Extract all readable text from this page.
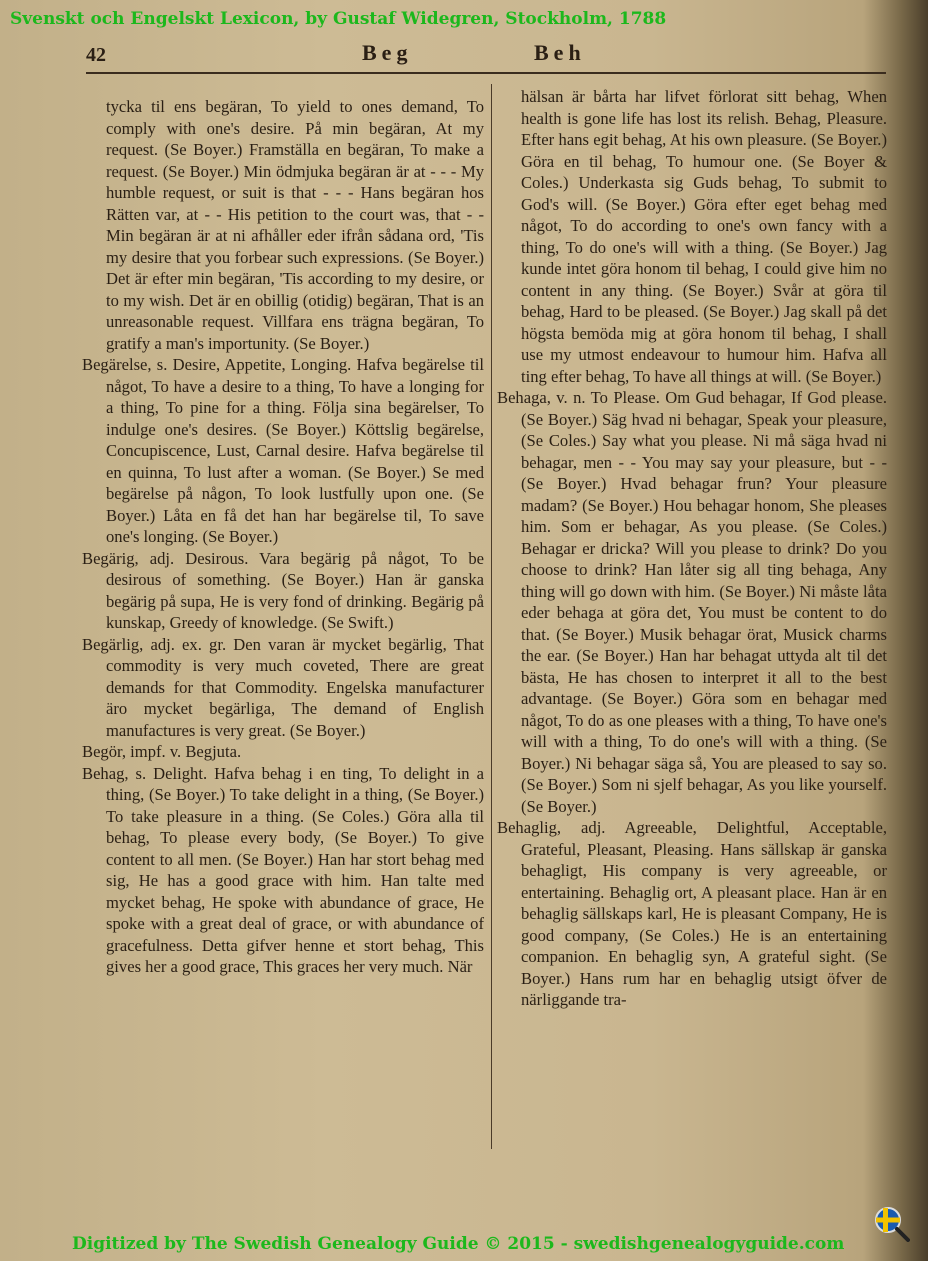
Svenskt och Engelskt Lexicon, by Gustaf Widegren, Stockholm, 1788

42	Beg	Beh

tycka til ens begäran, To yield to ones demand, To comply with one's desire. På min begäran, At my request. (Se Boyer.) Framställa en begäran, To make a request. (Se Boyer.) Min ödmjuka begäran är at - - - My humble request, or suit is that - - - Hans begäran hos Rätten var, at - - His petition to the court was, that - - Min begäran är at ni afhåller eder ifrån sådana ord, 'Tis my desire that you forbear such expressions. (Se Boyer.) Det är efter min begäran, 'Tis according to my desire, or to my wish. Det är en obillig (otidig) begäran, That is an unreasonable request. Villfara ens trägna begäran, To gratify a man's importunity. (Se Boyer.)

Begärelse, s. Desire, Appetite, Longing. Hafva begärelse til något, To have a desire to a thing, To have a longing for a thing, To pine for a thing. Följa sina begärelser, To indulge one's desires. (Se Boyer.) Köttslig begärelse, Concupiscence, Lust, Carnal desire. Hafva begärelse til en quinna, To lust after a woman. (Se Boyer.) Se med begärelse på någon, To look lustfully upon one. (Se Boyer.) Låta en få det han har begärelse til, To save one's longing. (Se Boyer.)

Begärig, adj. Desirous. Vara begärig på något, To be desirous of something. (Se Boyer.) Han är ganska begärig på supa, He is very fond of drinking. Begärig på kunskap, Greedy of knowledge. (Se Swift.)

Begärlig, adj. ex. gr. Den varan är mycket begärlig, That commodity is very much coveted, There are great demands for that Commodity. Engelska manufacturer äro mycket begärliga, The demand of English manufactures is very great. (Se Boyer.)

Begör, impf. v. Begjuta.

Behag, s. Delight. Hafva behag i en ting, To delight in a thing, (Se Boyer.) To take delight in a thing, (Se Boyer.) To take pleasure in a thing. (Se Coles.) Göra alla til behag, To please every body, (Se Boyer.) To give content to all men. (Se Boyer.) Han har stort behag med sig, He has a good grace with him. Han talte med mycket behag, He spoke with abundance of grace, He spoke with a great deal of grace, or with abundance of gracefulness. Detta gifver henne et stort behag, This gives her a good grace, This graces her very much. När

hälsan är bårta har lifvet förlorat sitt behag, When health is gone life has lost its relish. Behag, Pleasure. Efter hans egit behag, At his own pleasure. (Se Boyer.) Göra en til behag, To humour one. (Se Boyer & Coles.) Underkasta sig Guds behag, To submit to God's will. (Se Boyer.) Göra efter eget behag med något, To do according to one's own fancy with a thing, To do one's will with a thing. (Se Boyer.) Jag kunde intet göra honom til behag, I could give him no content in any thing. (Se Boyer.) Svår at göra til behag, Hard to be pleased. (Se Boyer.) Jag skall på det högsta bemöda mig at göra honom til behag, I shall use my utmost endeavour to humour him. Hafva all ting efter behag, To have all things at will. (Se Boyer.)

Behaga, v. n. To Please. Om Gud behagar, If God please. (Se Boyer.) Säg hvad ni behagar, Speak your pleasure, (Se Coles.) Say what you please. Ni må säga hvad ni behagar, men - - You may say your pleasure, but - - (Se Boyer.) Hvad behagar frun? Your pleasure madam? (Se Boyer.) Hou behagar honom, She pleases him. Som er behagar, As you please. (Se Coles.) Behagar er dricka? Will you please to drink? Do you choose to drink? Han låter sig all ting behaga, Any thing will go down with him. (Se Boyer.) Ni måste låta eder behaga at göra det, You must be content to do that. (Se Boyer.) Musik behagar örat, Musick charms the ear. (Se Boyer.) Han har behagat uttyda alt til det bästa, He has chosen to interpret it all to the best advantage. (Se Boyer.) Göra som en behagar med något, To do as one pleases with a thing, To have one's will with a thing, To do one's will with a thing. (Se Boyer.) Ni behagar säga så, You are pleased to say so. (Se Boyer.) Som ni sjelf behagar, As you like yourself. (Se Boyer.)

Behaglig, adj. Agreeable, Delightful, Acceptable, Grateful, Pleasant, Pleasing. Hans sällskap är ganska behagligt, His company is very agreeable, or entertaining. Behaglig ort, A pleasant place. Han är en behaglig sällskaps karl, He is pleasant Company, He is good company, (Se Coles.) He is an entertaining companion. En behaglig syn, A grateful sight. (Se Boyer.) Hans rum har en behaglig utsigt öfver de närliggande tra-

Digitized by The Swedish Genealogy Guide © 2015 - swedishgenealogyguide.com
